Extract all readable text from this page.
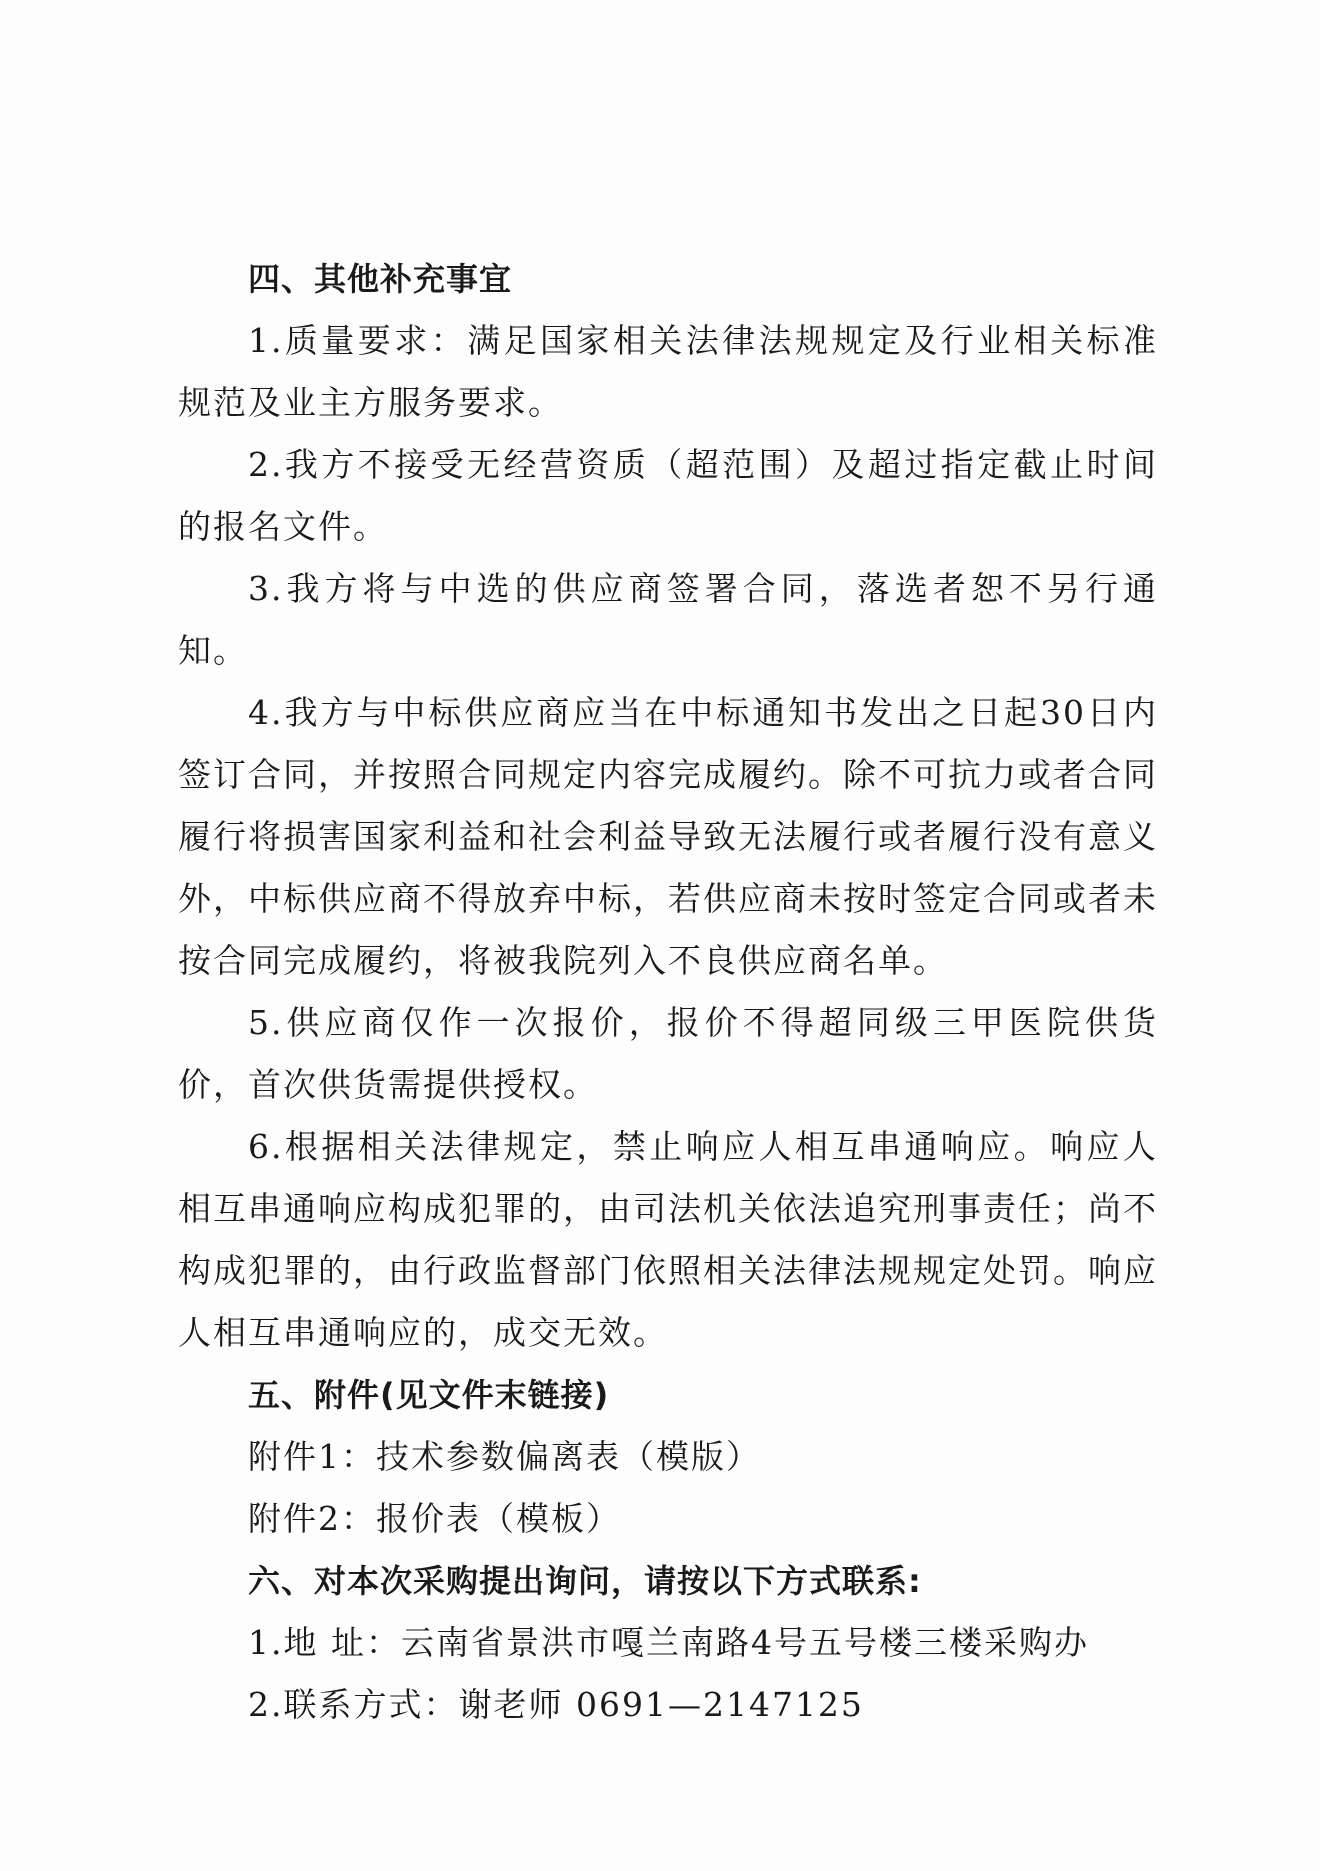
四、其他补充事宜

1.质量要求：满足国家相关法律法规规定及行业相关标准规范及业主方服务要求。

2.我方不接受无经营资质（超范围）及超过指定截止时间的报名文件。

3.我方将与中选的供应商签署合同，落选者恕不另行通知。

4.我方与中标供应商应当在中标通知书发出之日起30日内签订合同，并按照合同规定内容完成履约。除不可抗力或者合同履行将损害国家利益和社会利益导致无法履行或者履行没有意义外，中标供应商不得放弃中标，若供应商未按时签定合同或者未按合同完成履约，将被我院列入不良供应商名单。

5.供应商仅作一次报价，报价不得超同级三甲医院供货价，首次供货需提供授权。

6.根据相关法律规定，禁止响应人相互串通响应。响应人相互串通响应构成犯罪的，由司法机关依法追究刑事责任；尚不构成犯罪的，由行政监督部门依照相关法律法规规定处罚。响应人相互串通响应的，成交无效。

五、附件(见文件末链接)

附件1：技术参数偏离表（模版）

附件2：报价表（模板）

六、对本次采购提出询问，请按以下方式联系:

1.地 址：云南省景洪市嘎兰南路4号五号楼三楼采购办

2.联系方式：谢老师 0691—2147125
